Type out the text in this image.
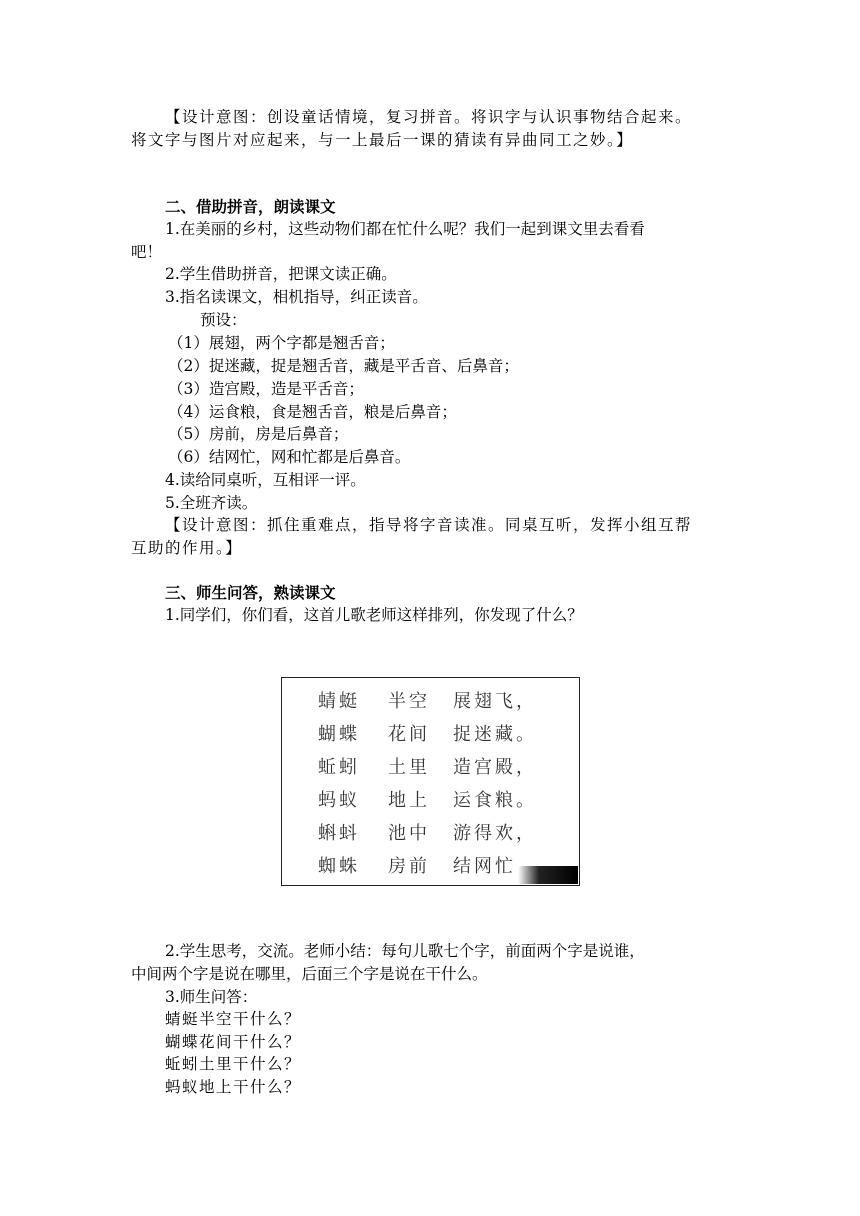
【设计意图：创设童话情境，复习拼音。将识字与认识事物结合起来。
将文字与图片对应起来，与一上最后一课的猜读有异曲同工之妙。】
二、借助拼音，朗读课文
1.在美丽的乡村，这些动物们都在忙什么呢？我们一起到课文里去看看
吧！
2.学生借助拼音，把课文读正确。
3.指名读课文，相机指导，纠正读音。
预设：
（1）展翅，两个字都是翘舌音；
（2）捉迷藏，捉是翘舌音，藏是平舌音、后鼻音；
（3）造宫殿，造是平舌音；
（4）运食粮，食是翘舌音，粮是后鼻音；
（5）房前，房是后鼻音；
（6）结网忙，网和忙都是后鼻音。
4.读给同桌听，互相评一评。
5.全班齐读。
【设计意图：抓住重难点，指导将字音读准。同桌互听，发挥小组互帮
互助的作用。】
三、师生问答，熟读课文
1.同学们，你们看，这首儿歌老师这样排列，你发现了什么？
蜻蜓 半空 展翅飞，
蝴蝶 花间 捉迷藏。
蚯蚓 土里 造宫殿，
蚂蚁 地上 运食粮。
蝌蚪 池中 游得欢，
蜘蛛 房前 结网忙
2.学生思考，交流。老师小结：每句儿歌七个字，前面两个字是说谁，
中间两个字是说在哪里，后面三个字是说在干什么。
3.师生问答：
蜻蜓半空干什么？
蝴蝶花间干什么？
蚯蚓土里干什么？
蚂蚁地上干什么？
